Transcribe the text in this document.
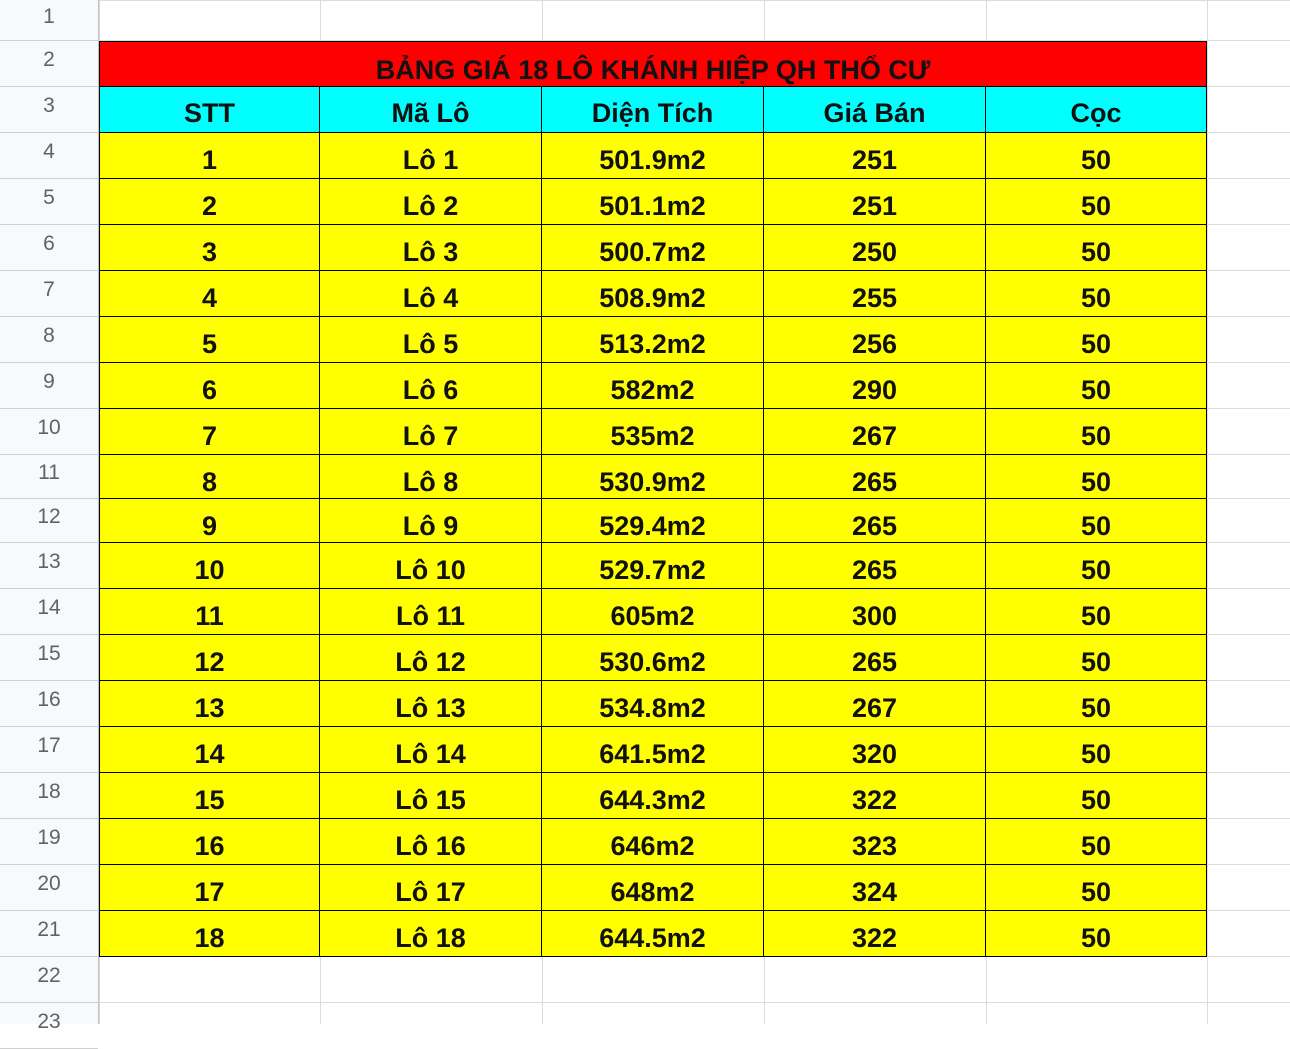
1
2
3
4
5
6
7
8
9
10
11
12
13
14
15
16
17
18
19
20
21
22
23
BẢNG GIÁ 18 LÔ KHÁNH HIỆP QH THỔ CƯ
STT	Mã Lô	Diện Tích	Giá Bán	Cọc
1	Lô 1	501.9m2	251	50
2	Lô 2	501.1m2	251	50
3	Lô 3	500.7m2	250	50
4	Lô 4	508.9m2	255	50
5	Lô 5	513.2m2	256	50
6	Lô 6	582m2	290	50
7	Lô 7	535m2	267	50
8	Lô 8	530.9m2	265	50
9	Lô 9	529.4m2	265	50
10	Lô 10	529.7m2	265	50
11	Lô 11	605m2	300	50
12	Lô 12	530.6m2	265	50
13	Lô 13	534.8m2	267	50
14	Lô 14	641.5m2	320	50
15	Lô 15	644.3m2	322	50
16	Lô 16	646m2	323	50
17	Lô 17	648m2	324	50
18	Lô 18	644.5m2	322	50
